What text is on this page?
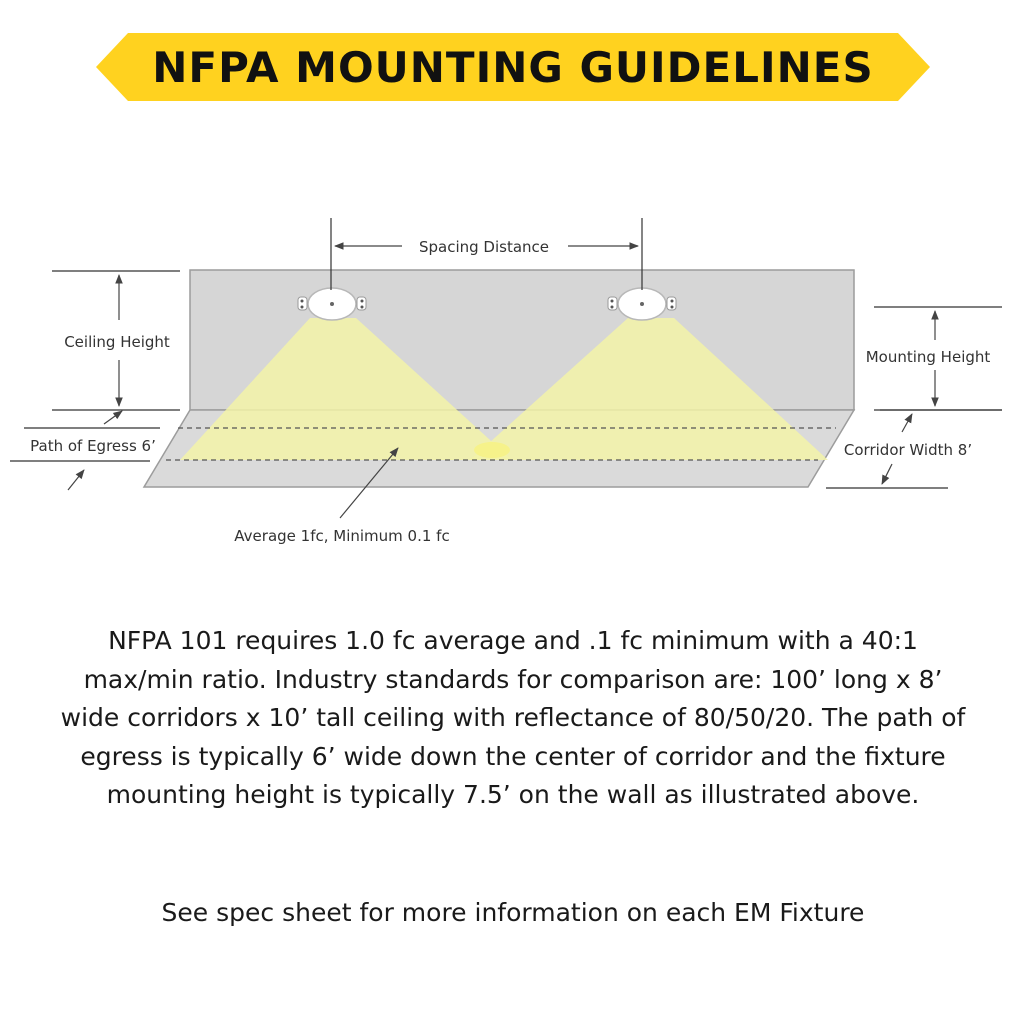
NFPA MOUNTING GUIDELINES
Spacing Distance
Ceiling Height
Mounting Height
Path of Egress 6’	Corridor Width 8’
Average 1fc, Minimum 0.1 fc
NFPA 101 requires 1.0 fc average and .1 fc minimum with a 40:1 max/min ratio. Industry standards for comparison are: 100’ long x 8’ wide corridors x 10’ tall ceiling with reflectance of 80/50/20. The path of egress is typically 6’ wide down the center of corridor and the fixture mounting height is typically 7.5’ on the wall as illustrated above.
See spec sheet for more information on each EM Fixture
